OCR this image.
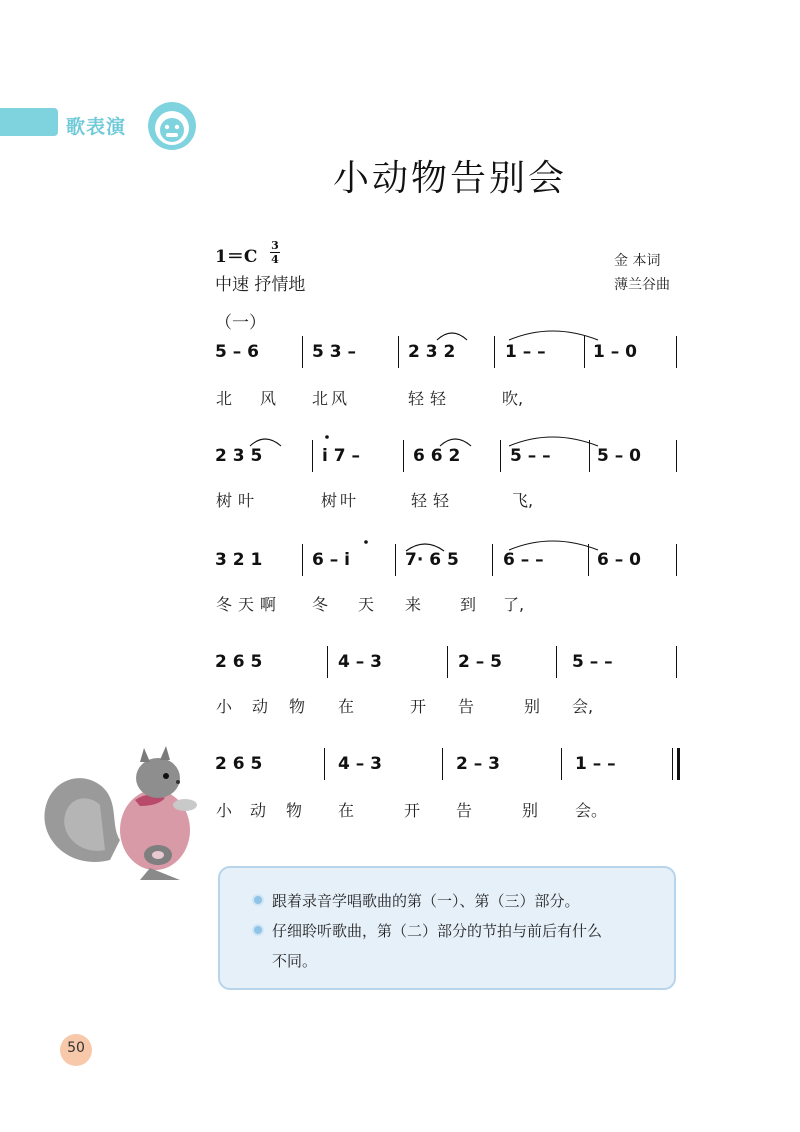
歌表演
小动物告别会
1＝C
3
4
中速 抒情地
金 本词
薄兰谷曲
（一）
5 – 6	5 3 –	2 3 2	1 – –	1 – 0
北 风 北风	轻轻	吹,
2 3 5	i 7 –	6 6 2	5 – –	5 – 0
树叶	树叶	轻轻	飞,
3 2 1	6 – i	7· 6 5	6 – –	6 – 0
冬天啊 冬 天 来 到 了,
2 6 5	4 – 3	2 – 5	5 – –
小 动 物 在	开 告	别 会,
2 6 5	4 – 3	2 – 3	1 – –
小 动 物 在	开 告	别 会。
跟着录音学唱歌曲的第（一）、第（三）部分。
仔细聆听歌曲，第（二）部分的节拍与前后有什么
不同。
50
